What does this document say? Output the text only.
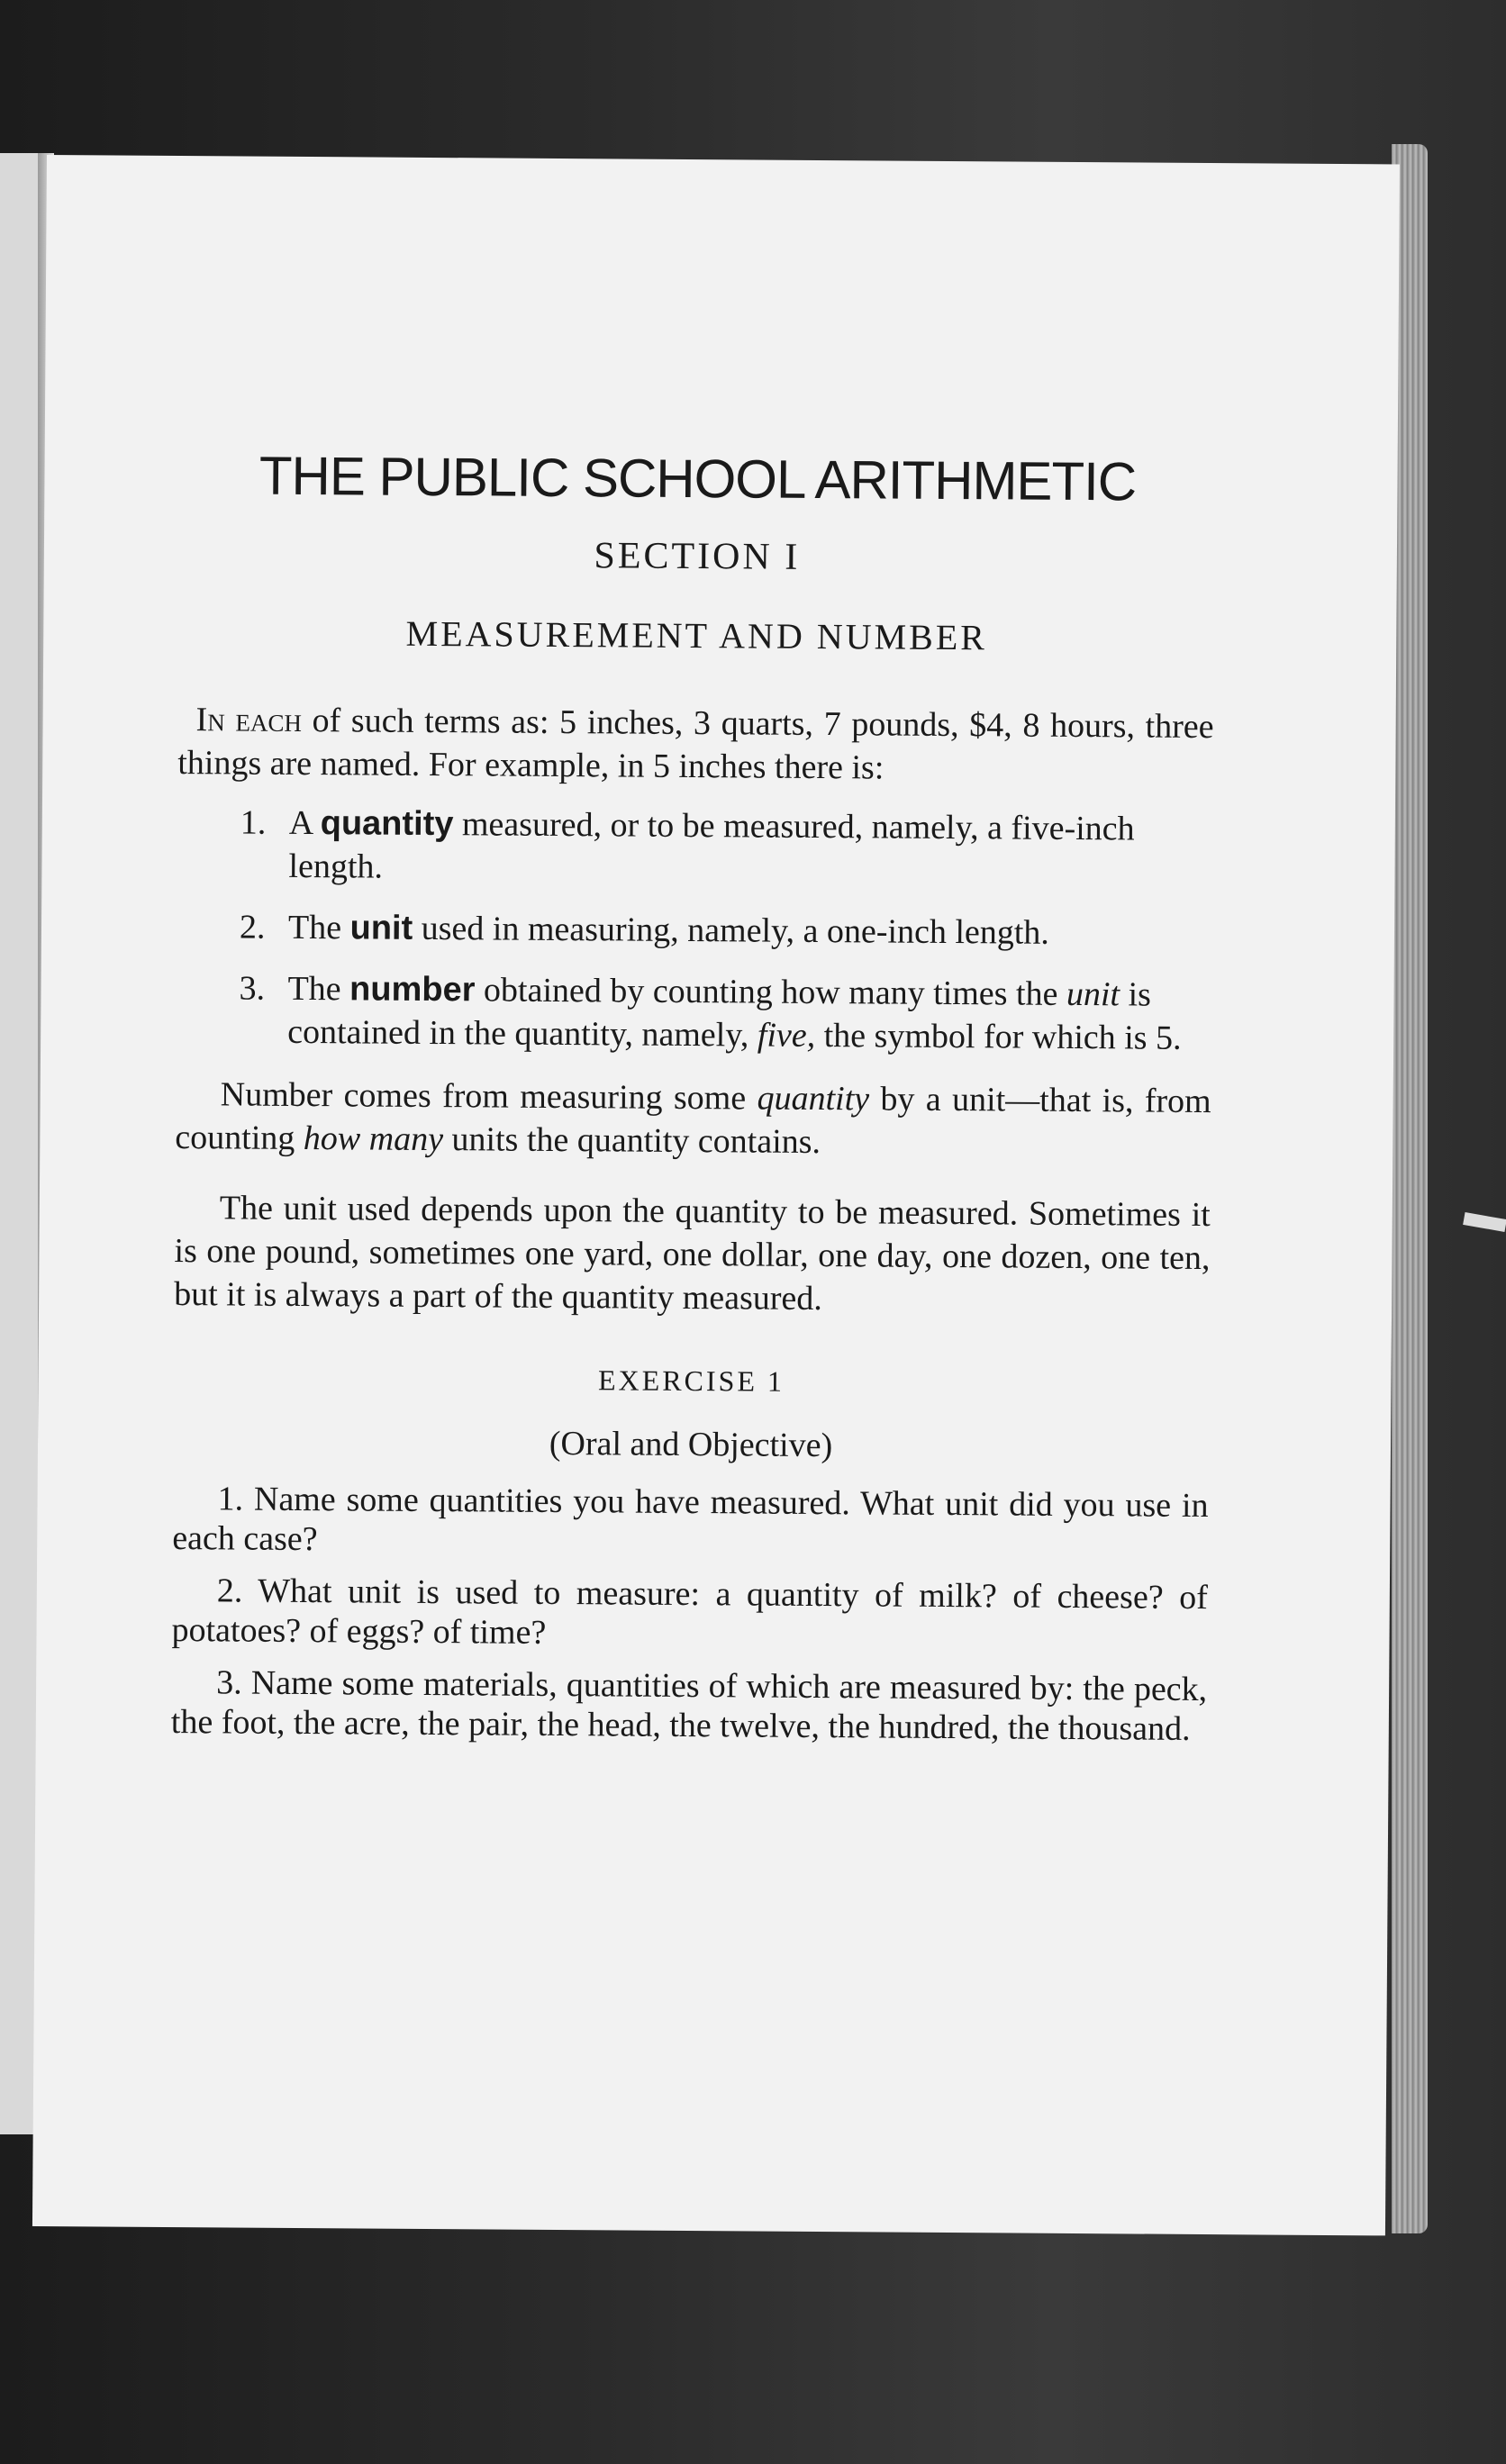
THE PUBLIC SCHOOL ARITHMETIC
SECTION I
MEASUREMENT AND NUMBER

In each of such terms as: 5 inches, 3 quarts, 7 pounds, $4, 8 hours, three things are named. For example, in 5 inches there is:

1. A quantity measured, or to be measured, namely, a five-inch length.
2. The unit used in measuring, namely, a one-inch length.
3. The number obtained by counting how many times the unit is contained in the quantity, namely, five, the symbol for which is 5.

Number comes from measuring some quantity by a unit—that is, from counting how many units the quantity contains.

The unit used depends upon the quantity to be measured. Sometimes it is one pound, sometimes one yard, one dollar, one day, one dozen, one ten, but it is always a part of the quantity measured.

EXERCISE 1
(Oral and Objective)

1. Name some quantities you have measured. What unit did you use in each case?

2. What unit is used to measure: a quantity of milk? of cheese? of potatoes? of eggs? of time?

3. Name some materials, quantities of which are measured by: the peck, the foot, the acre, the pair, the head, the twelve, the hundred, the thousand.
